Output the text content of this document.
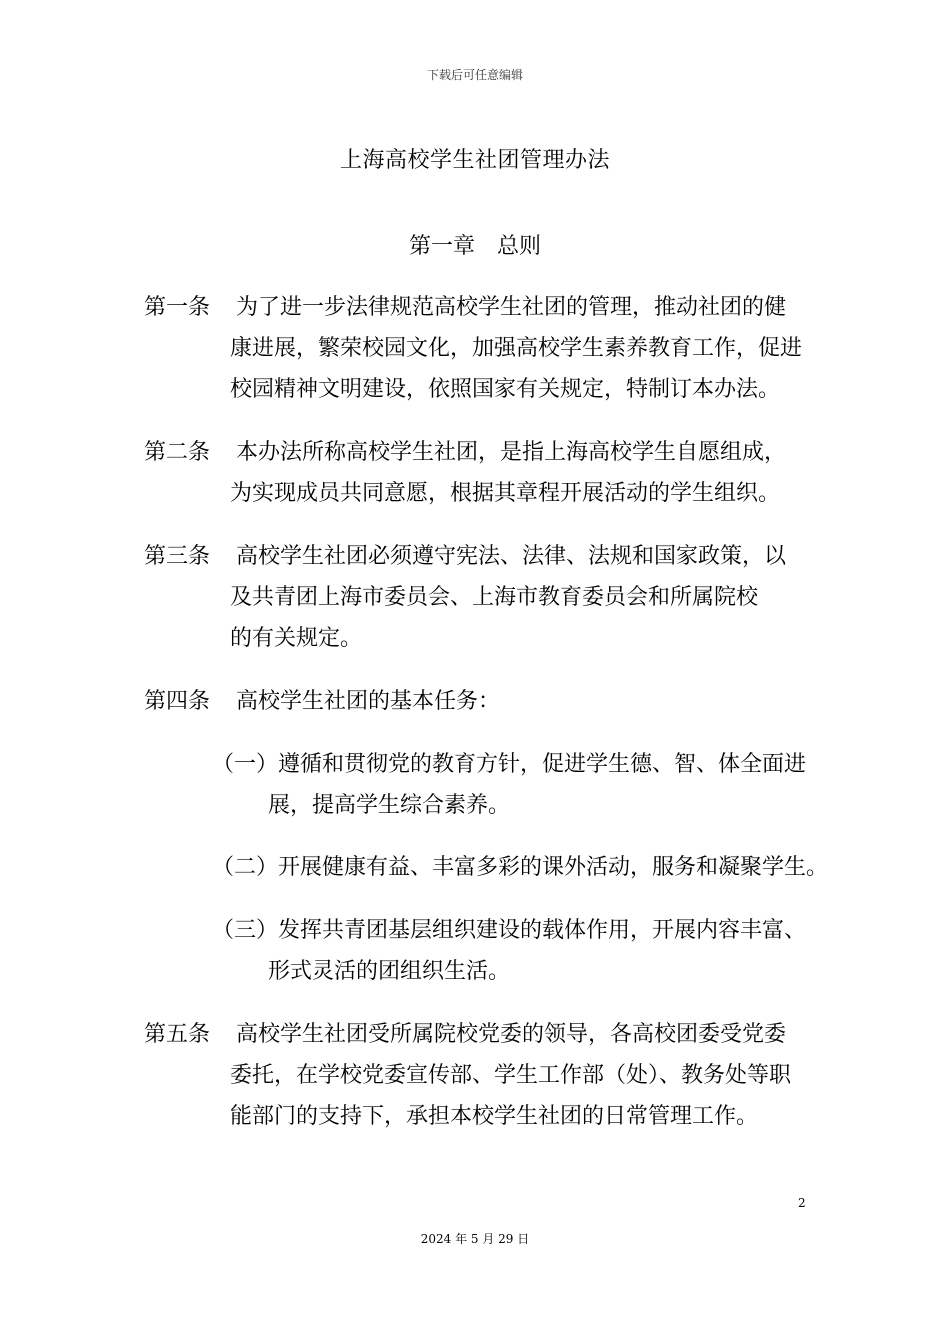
下载后可任意编辑
上海高校学生社团管理办法
第一章 总则
第一条 为了进一步法律规范高校学生社团的管理，推动社团的健
康进展，繁荣校园文化，加强高校学生素养教育工作，促进
校园精神文明建设，依照国家有关规定，特制订本办法。
第二条 本办法所称高校学生社团，是指上海高校学生自愿组成，
为实现成员共同意愿，根据其章程开展活动的学生组织。
第三条 高校学生社团必须遵守宪法、法律、法规和国家政策，以
及共青团上海市委员会、上海市教育委员会和所属院校
的有关规定。
第四条 高校学生社团的基本任务：
（一）遵循和贯彻党的教育方针，促进学生德、智、体全面进
展，提高学生综合素养。
（二）开展健康有益、丰富多彩的课外活动，服务和凝聚学生。
（三）发挥共青团基层组织建设的载体作用，开展内容丰富、
形式灵活的团组织生活。
第五条 高校学生社团受所属院校党委的领导，各高校团委受党委
委托，在学校党委宣传部、学生工作部（处）、教务处等职
能部门的支持下，承担本校学生社团的日常管理工作。
2
2024 年 5 月 29 日
